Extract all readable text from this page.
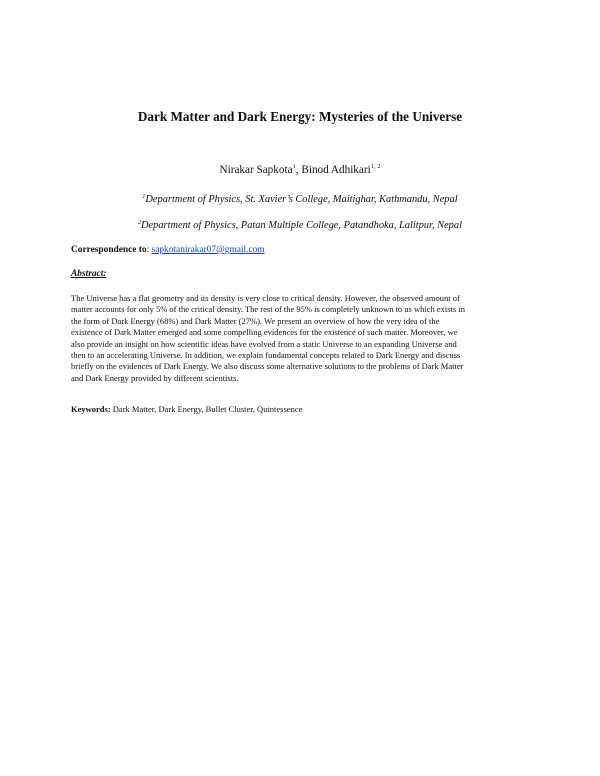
Dark Matter and Dark Energy: Mysteries of the Universe
Nirakar Sapkota$^1$, Binod Adhikari$^{1, 2}$
$^1$Department of Physics, St. Xavier’s College, Maitighar, Kathmandu, Nepal
$^2$Department of Physics, Patan Multiple College, Patandhoka, Lalitpur, Nepal
Correspondence to: sapkotanirakar07@gmail.com
Abstract:
The Universe has a flat geometry and its density is very close to critical density. However, the observed amount of
matter accounts for only 5% of the critical density. The rest of the 95% is completely unknown to us which exists in
the form of Dark Energy (68%) and Dark Matter (27%). We present an overview of how the very idea of the
existence of Dark Matter emerged and some compelling evidences for the existence of such matter. Moreover, we
also provide an insight on how scientific ideas have evolved from a static Universe to an expanding Universe and
then to an accelerating Universe. In addition, we explain fundamental concepts related to Dark Energy and discuss
briefly on the evidences of Dark Energy. We also discuss some alternative solutions to the problems of Dark Matter
and Dark Energy provided by different scientists.
Keywords: Dark Matter, Dark Energy, Bullet Cluster, Quintessence
